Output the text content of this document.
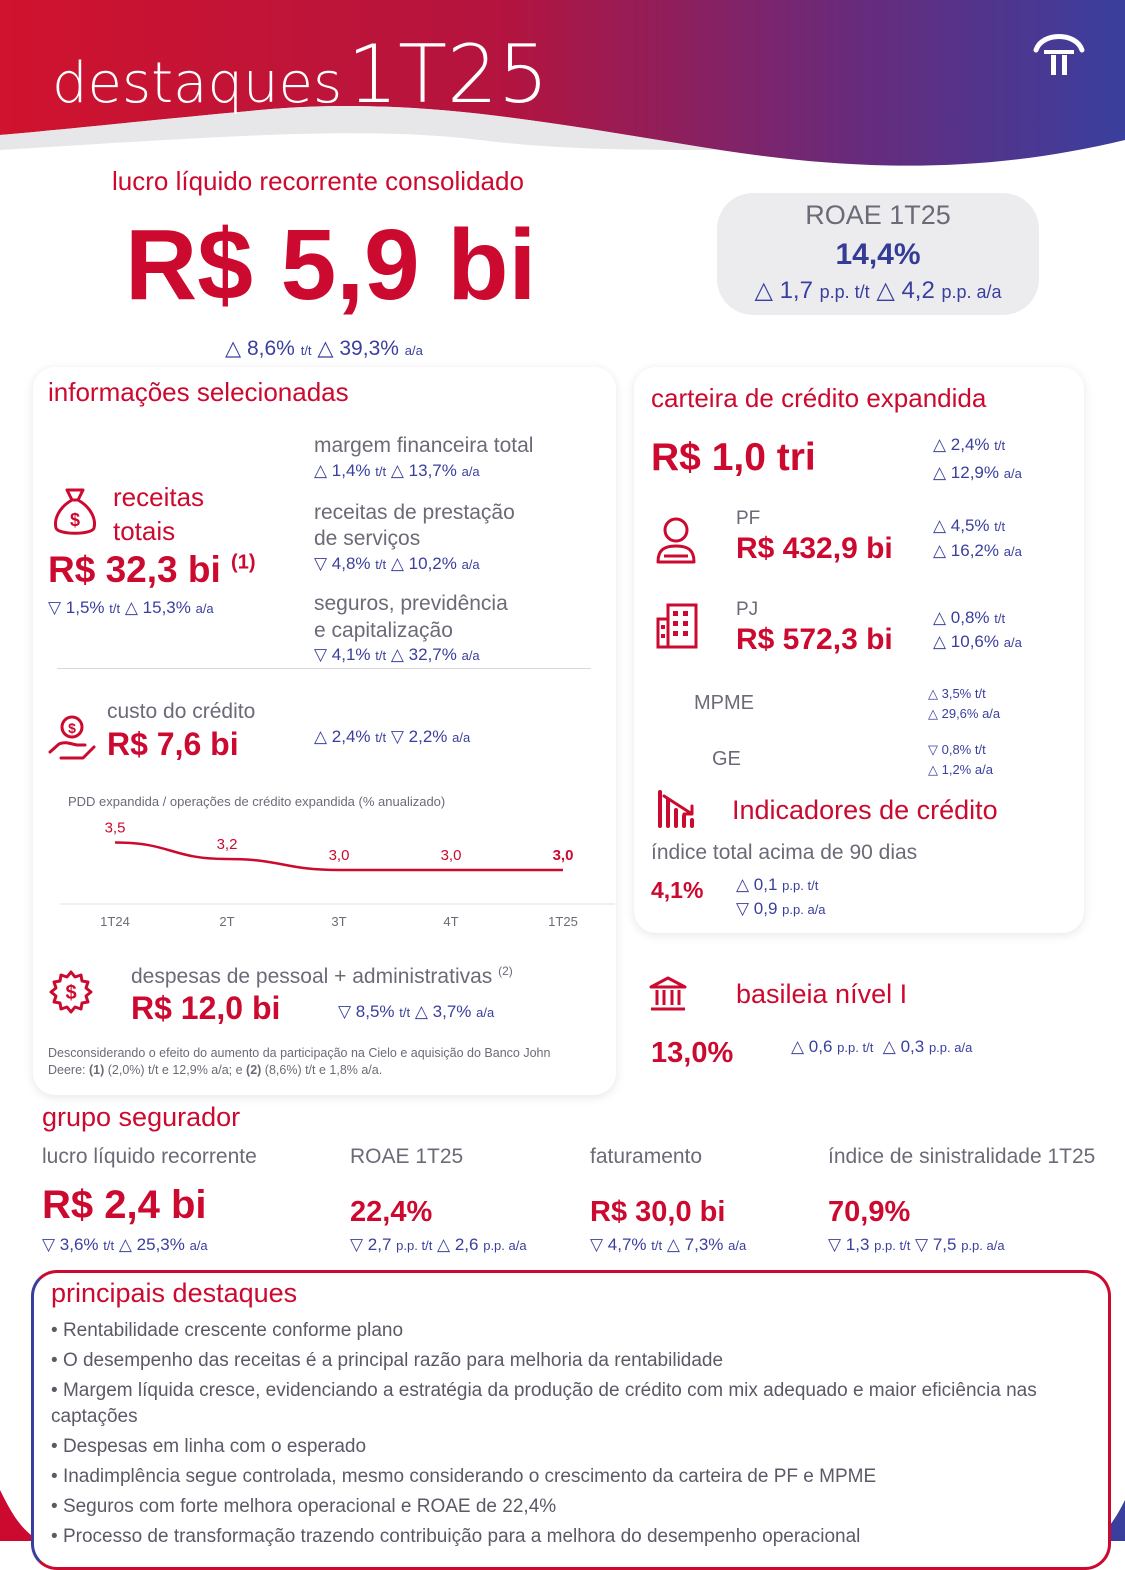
destaques 1T25
lucro líquido recorrente consolidado
R$ 5,9 bi
△ 8,6% t/t △ 39,3% a/a
ROAE 1T25
14,4%
△ 1,7 p.p. t/t △ 4,2 p.p. a/a
informações selecionadas
$
receitas
totais
R$ 32,3 bi $^{(1)}$
▽ 1,5% t/t △ 15,3% a/a
margem financeira total
△ 1,4% t/t △ 13,7% a/a
receitas de prestação
de serviços
▽ 4,8% t/t △ 10,2% a/a
seguros, previdência
e capitalização
▽ 4,1% t/t △ 32,7% a/a
$
custo do crédito
R$ 7,6 bi	△ 2,4% t/t ▽ 2,2% a/a
PDD expandida / operações de crédito expandida (% anualizado)
3,5
1T24
3,2
2T
3,0
3T
3,0
4T
3,0
1T25
$
despesas de pessoal + administrativas $^{(2)}$
R$ 12,0 bi	▽ 8,5% t/t △ 3,7% a/a
Desconsiderando o efeito do aumento da participação na Cielo e aquisição do Banco John
Deere: (1) (2,0%) t/t e 12,9% a/a; e (2) (8,6%) t/t e 1,8% a/a.
carteira de crédito expandida
R$ 1,0 tri	△ 2,4% t/t
△ 12,9% a/a
PF
R$ 432,9 bi
△ 4,5% t/t
△ 16,2% a/a
PJ
R$ 572,3 bi
△ 0,8% t/t
△ 10,6% a/a
MPME	△ 3,5% t/t
△ 29,6% a/a
GE	▽ 0,8% t/t
△ 1,2% a/a
Indicadores de crédito
índice total acima de 90 dias
4,1% △ 0,1 p.p. t/t
▽ 0,9 p.p. a/a
basileia nível I
13,0%	△ 0,6 p.p. t/t △ 0,3 p.p. a/a
grupo segurador
lucro líquido recorrente
R$ 2,4 bi
▽ 3,6% t/t △ 25,3% a/a
ROAE 1T25
22,4%
▽ 2,7 p.p. t/t △ 2,6 p.p. a/a
faturamento
R$ 30,0 bi
▽ 4,7% t/t △ 7,3% a/a
índice de sinistralidade 1T25
70,9%
▽ 1,3 p.p. t/t ▽ 7,5 p.p. a/a
principais destaques
• Rentabilidade crescente conforme plano
• O desempenho das receitas é a principal razão para melhoria da rentabilidade
• Margem líquida cresce, evidenciando a estratégia da produção de crédito com mix adequado e maior eficiência nas captações
• Despesas em linha com o esperado
• Inadimplência segue controlada, mesmo considerando o crescimento da carteira de PF e MPME
• Seguros com forte melhora operacional e ROAE de 22,4%
• Processo de transformação trazendo contribuição para a melhora do desempenho operacional
